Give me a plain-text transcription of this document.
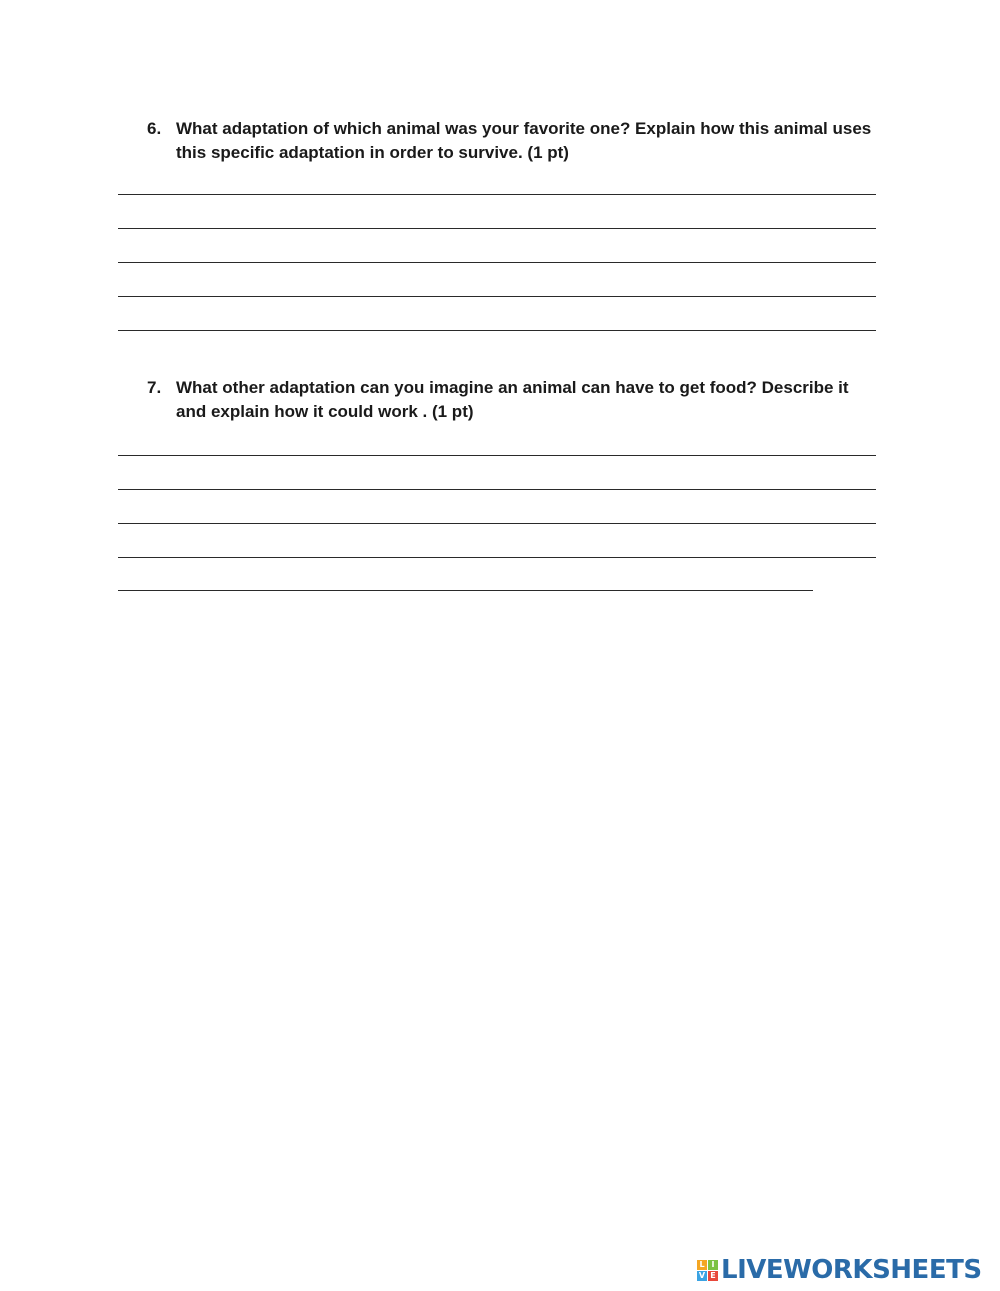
6. What adaptation of which animal was your favorite one? Explain how this animal uses this specific adaptation in order to survive. (1 pt)
7. What other adaptation can you imagine an animal can have to get food? Describe it and explain how it could work . (1 pt)
L I
V E LIVEWORKSHEETS
